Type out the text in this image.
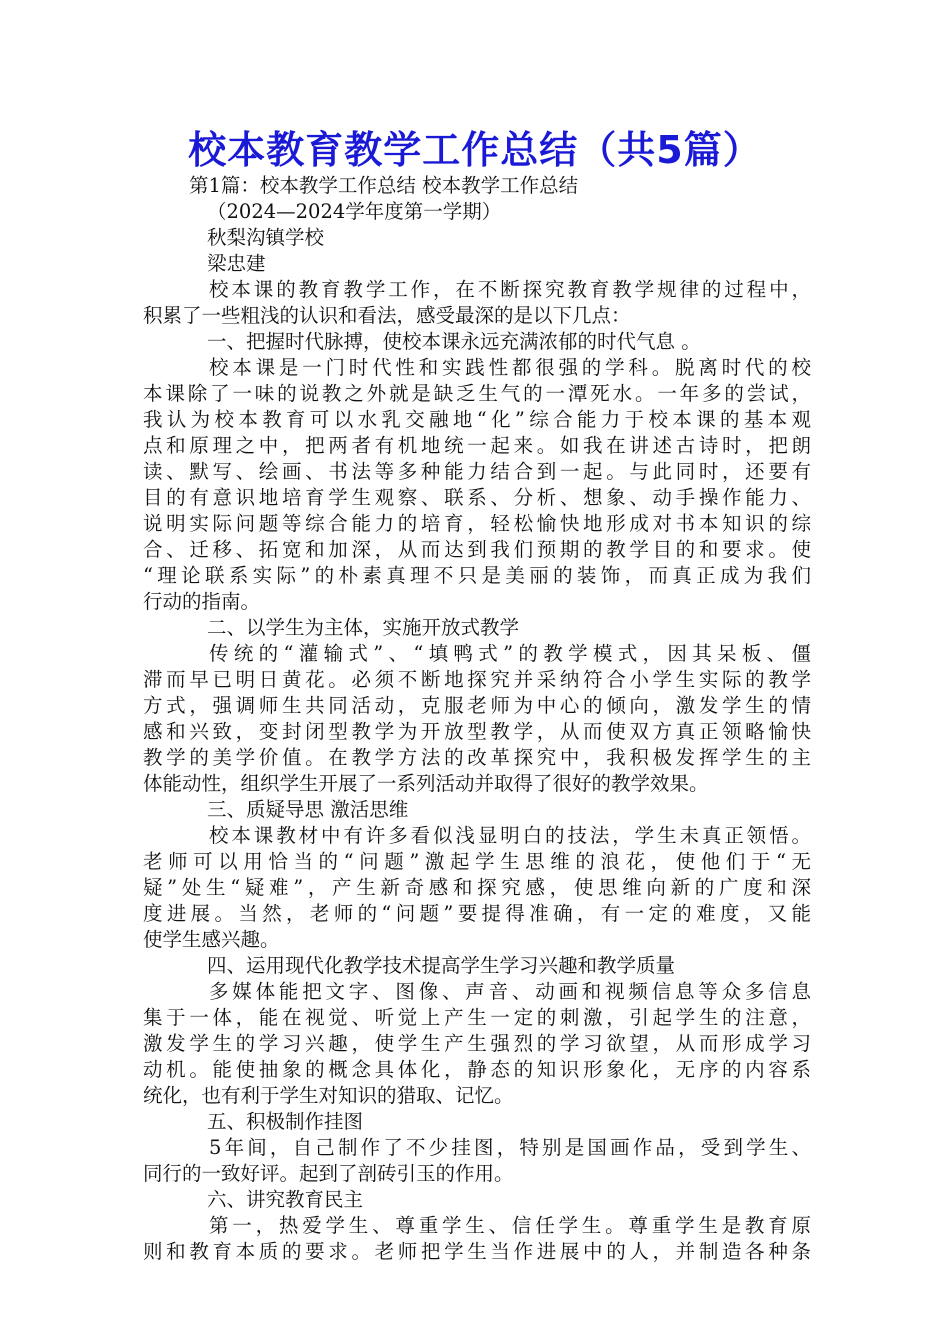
校本教育教学工作总结（共5篇）
第1篇：校本教学工作总结 校本教学工作总结
（2024—2024学年度第一学期）
秋梨沟镇学校
梁忠建
校本课的教育教学工作，在不断探究教育教学规律的过程中，
积累了一些粗浅的认识和看法，感受最深的是以下几点：
一、把握时代脉搏，使校本课永远充满浓郁的时代气息 。
校本课是一门时代性和实践性都很强的学科。脱离时代的校
本课除了一味的说教之外就是缺乏生气的一潭死水。一年多的尝试，
我认为校本教育可以水乳交融地“化”综合能力于校本课的基本观
点和原理之中，把两者有机地统一起来。如我在讲述古诗时，把朗
读、默写、绘画、书法等多种能力结合到一起。与此同时，还要有
目的有意识地培育学生观察、联系、分析、想象、动手操作能力、
说明实际问题等综合能力的培育，轻松愉快地形成对书本知识的综
合、迁移、拓宽和加深，从而达到我们预期的教学目的和要求。使
“理论联系实际”的朴素真理不只是美丽的装饰，而真正成为我们
行动的指南。
二、以学生为主体，实施开放式教学
传统的“灌输式”、“填鸭式”的教学模式，因其呆板、僵
滞而早已明日黄花。必须不断地探究并采纳符合小学生实际的教学
方式，强调师生共同活动，克服老师为中心的倾向，激发学生的情
感和兴致，变封闭型教学为开放型教学，从而使双方真正领略愉快
教学的美学价值。在教学方法的改革探究中，我积极发挥学生的主
体能动性，组织学生开展了一系列活动并取得了很好的教学效果。
三、质疑导思 激活思维
校本课教材中有许多看似浅显明白的技法，学生未真正领悟。
老师可以用恰当的“问题”激起学生思维的浪花，使他们于“无
疑”处生“疑难”，产生新奇感和探究感，使思维向新的广度和深
度进展。当然，老师的“问题”要提得准确，有一定的难度，又能
使学生感兴趣。
四、运用现代化教学技术提高学生学习兴趣和教学质量
多媒体能把文字、图像、声音、动画和视频信息等众多信息
集于一体，能在视觉、听觉上产生一定的刺激，引起学生的注意，
激发学生的学习兴趣，使学生产生强烈的学习欲望，从而形成学习
动机。能使抽象的概念具体化，静态的知识形象化，无序的内容系
统化，也有利于学生对知识的猎取、记忆。
五、积极制作挂图
5年间，自己制作了不少挂图，特别是国画作品，受到学生、
同行的一致好评。起到了剖砖引玉的作用。
六、讲究教育民主
第一，热爱学生、尊重学生、信任学生。尊重学生是教育原
则和教育本质的要求。老师把学生当作进展中的人，并制造各种条
